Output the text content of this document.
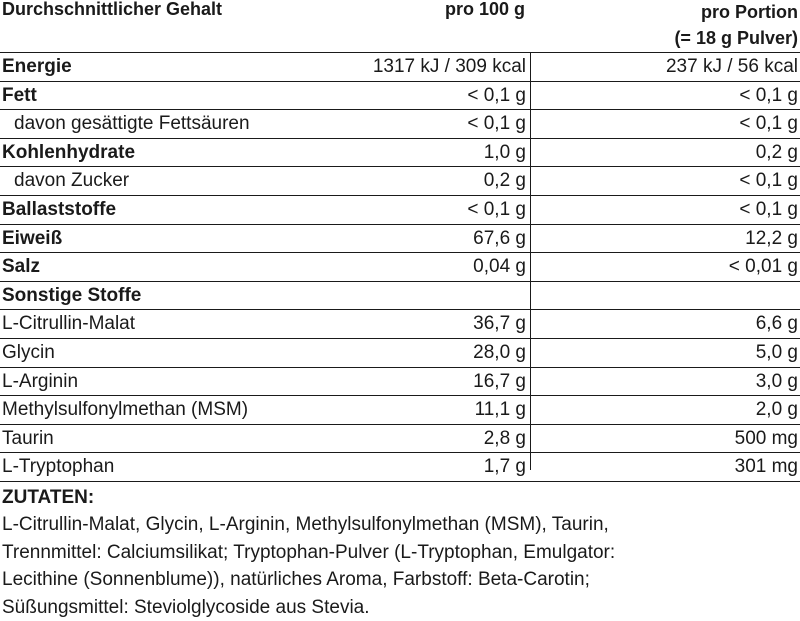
Durchschnittlicher Gehalt	pro 100 g	pro Portion
(= 18 g Pulver)
Energie	1317 kJ / 309 kcal	237 kJ / 56 kcal
Fett	< 0,1 g	< 0,1 g
davon gesättigte Fettsäuren	< 0,1 g	< 0,1 g
Kohlenhydrate	1,0 g	0,2 g
davon Zucker	0,2 g	< 0,1 g
Ballaststoffe	< 0,1 g	< 0,1 g
Eiweiß	67,6 g	12,2 g
Salz	0,04 g	< 0,01 g
Sonstige Stoffe
L-Citrullin-Malat	36,7 g	6,6 g
Glycin	28,0 g	5,0 g
L-Arginin	16,7 g	3,0 g
Methylsulfonylmethan (MSM)	11,1 g	2,0 g
Taurin	2,8 g	500 mg
L-Tryptophan	1,7 g	301 mg

ZUTATEN:

L-Citrullin-Malat, Glycin, L-Arginin, Methylsulfonylmethan (MSM), Taurin,
Trennmittel: Calciumsilikat; Tryptophan-Pulver (L-Tryptophan, Emulgator:
Lecithine (Sonnenblume)), natürliches Aroma, Farbstoff: Beta-Carotin;
Süßungsmittel: Steviolglycoside aus Stevia.
